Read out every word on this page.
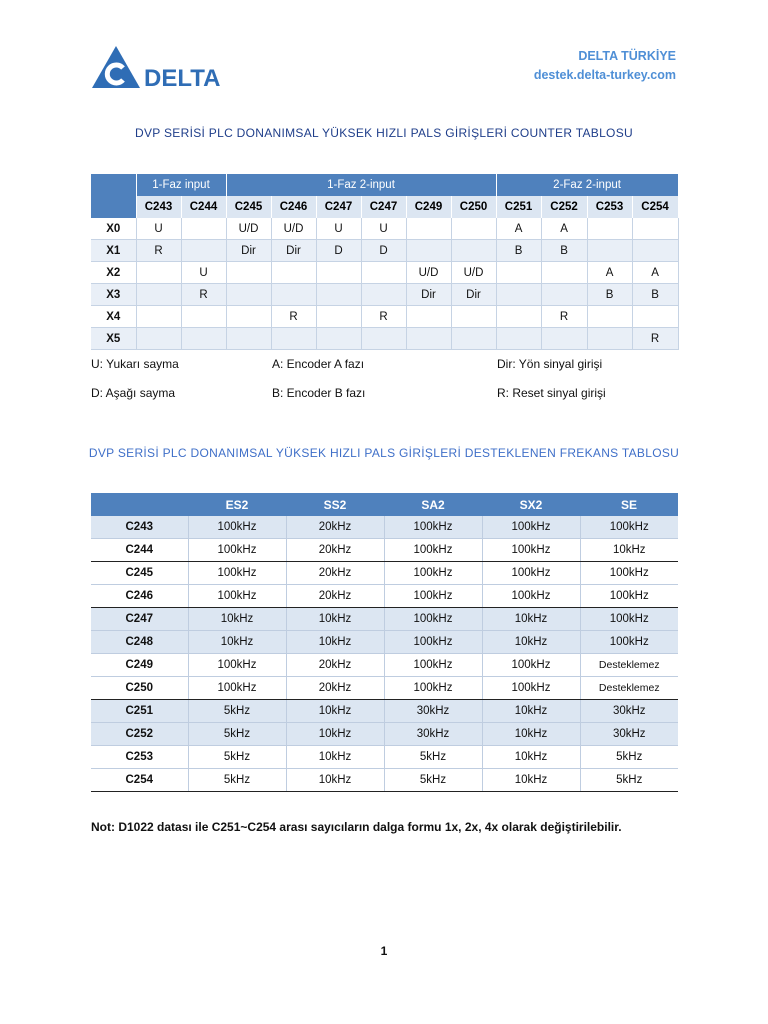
DELTA
DELTA TÜRKİYE
destek.delta-turkey.com
DVP SERİSİ PLC DONANIMSAL YÜKSEK HIZLI PALS GİRİŞLERİ COUNTER TABLOSU
	1-Faz input		1-Faz 2-input						2-Faz 2-input			
	C243	C244	C245	C246	C247	C247	C249	C250	C251	C252	C253	C254
X0	U		U/D	U/D	U	U			A	A		
X1	R		Dir	Dir	D	D			B	B		
X2		U					U/D	U/D			A	A
X3		R					Dir	Dir			B	B
X4				R		R				R		
X5												R
U: Yukarı sayma	A: Encoder A fazı	Dir: Yön sinyal girişi
D: Aşağı sayma	B: Encoder B fazı	R: Reset sinyal girişi
DVP SERİSİ PLC DONANIMSAL YÜKSEK HIZLI PALS GİRİŞLERİ DESTEKLENEN FREKANS TABLOSU
	ES2	SS2	SA2	SX2	SE
C243	100kHz	20kHz	100kHz	100kHz	100kHz
C244	100kHz	20kHz	100kHz	100kHz	10kHz
C245	100kHz	20kHz	100kHz	100kHz	100kHz
C246	100kHz	20kHz	100kHz	100kHz	100kHz
C247	10kHz	10kHz	100kHz	10kHz	100kHz
C248	10kHz	10kHz	100kHz	10kHz	100kHz
C249	100kHz	20kHz	100kHz	100kHz	Desteklemez
C250	100kHz	20kHz	100kHz	100kHz	Desteklemez
C251	5kHz	10kHz	30kHz	10kHz	30kHz
C252	5kHz	10kHz	30kHz	10kHz	30kHz
C253	5kHz	10kHz	5kHz	10kHz	5kHz
C254	5kHz	10kHz	5kHz	10kHz	5kHz
Not: D1022 datası ile C251~C254 arası sayıcıların dalga formu 1x, 2x, 4x olarak değiştirilebilir.
1
